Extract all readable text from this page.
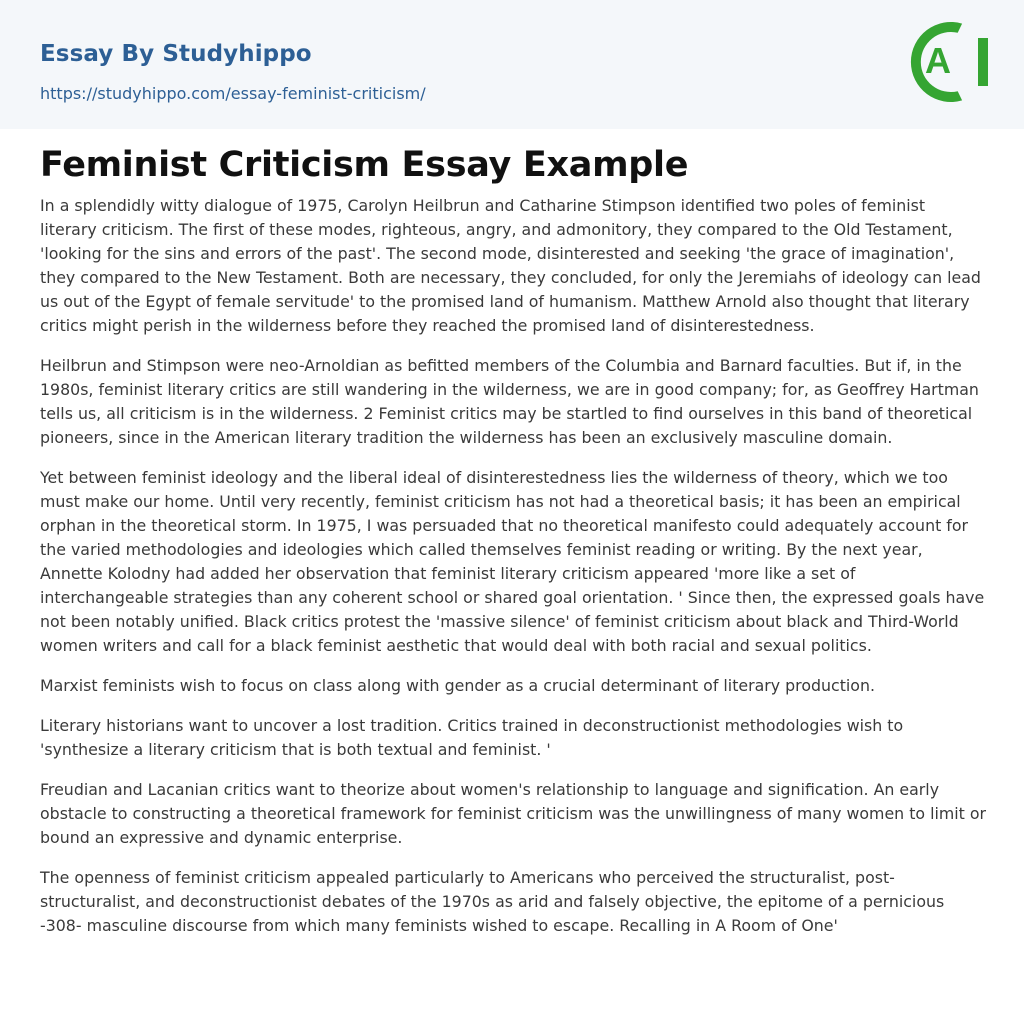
Essay By Studyhippo
https://studyhippo.com/essay-feminist-criticism/
A
Feminist Criticism Essay Example

In a splendidly witty dialogue of 1975, Carolyn Heilbrun and Catharine Stimpson identified two poles of feminist literary criticism. The first of these modes, righteous, angry, and admonitory, they compared to the Old Testament, 'looking for the sins and errors of the past'. The second mode, disinterested and seeking 'the grace of imagination', they compared to the New Testament. Both are necessary, they concluded, for only the Jeremiahs of ideology can lead us out of the Egypt of female servitude' to the promised land of humanism. Matthew Arnold also thought that literary critics might perish in the wilderness before they reached the promised land of disinterestedness.

Heilbrun and Stimpson were neo-Arnoldian as befitted members of the Columbia and Barnard faculties. But if, in the 1980s, feminist literary critics are still wandering in the wilderness, we are in good company; for, as Geoffrey Hartman tells us, all criticism is in the wilderness. 2 Feminist critics may be startled to find ourselves in this band of theoretical pioneers, since in the American literary tradition the wilderness has been an exclusively masculine domain.

Yet between feminist ideology and the liberal ideal of disinterestedness lies the wilderness of theory, which we too must make our home. Until very recently, feminist criticism has not had a theoretical basis; it has been an empirical orphan in the theoretical storm. In 1975, I was persuaded that no theoretical manifesto could adequately account for the varied methodologies and ideologies which called themselves feminist reading or writing. By the next year, Annette Kolodny had added her observation that feminist literary criticism appeared 'more like a set of interchangeable strategies than any coherent school or shared goal orientation. ' Since then, the expressed goals have not been notably unified. Black critics protest the 'massive silence' of feminist criticism about black and Third-World women writers and call for a black feminist aesthetic that would deal with both racial and sexual politics.

Marxist feminists wish to focus on class along with gender as a crucial determinant of literary production.

Literary historians want to uncover a lost tradition. Critics trained in deconstructionist methodologies wish to 'synthesize a literary criticism that is both textual and feminist. '

Freudian and Lacanian critics want to theorize about women's relationship to language and signification. An early obstacle to constructing a theoretical framework for feminist criticism was the unwillingness of many women to limit or bound an expressive and dynamic enterprise.

The openness of feminist criticism appealed particularly to Americans who perceived the structuralist, post-structuralist, and deconstructionist debates of the 1970s as arid and falsely objective, the epitome of a pernicious -308- masculine discourse from which many feminists wished to escape. Recalling in A Room of One'
